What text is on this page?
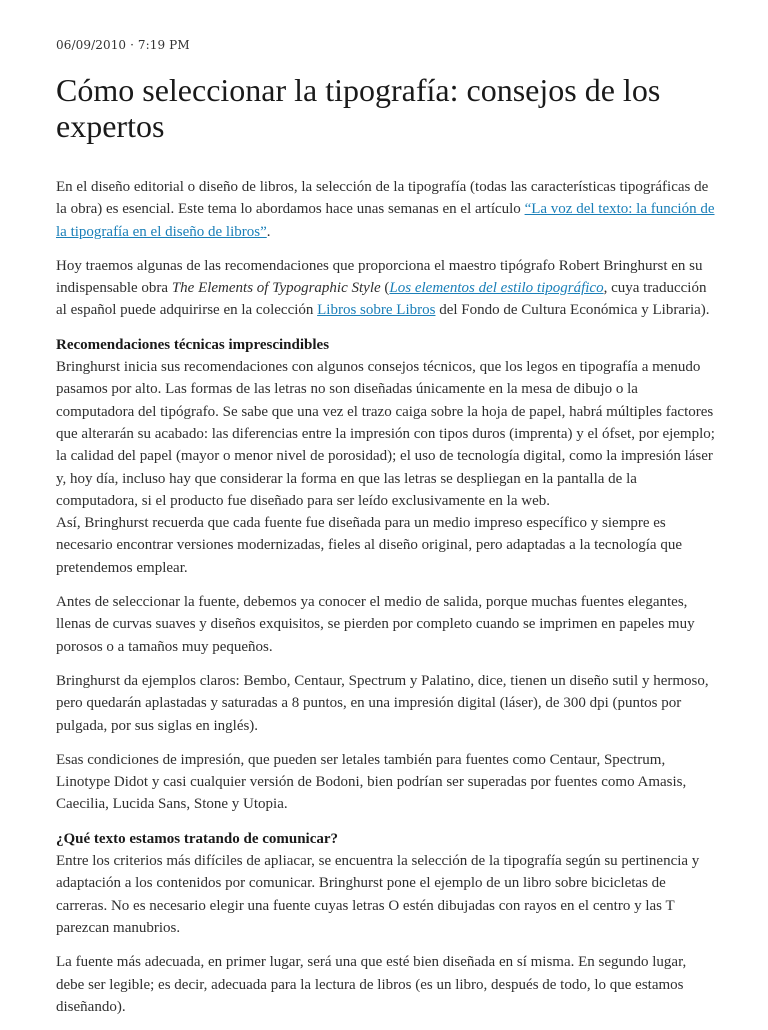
06/09/2010 · 7:19 PM
Cómo seleccionar la tipografía: consejos de los expertos

En el diseño editorial o diseño de libros, la selección de la tipografía (todas las características tipográficas de la obra) es esencial. Este tema lo abordamos hace unas semanas en el artículo “La voz del texto: la función de la tipografía en el diseño de libros”.

Hoy traemos algunas de las recomendaciones que proporciona el maestro tipógrafo Robert Bringhurst en su indispensable obra The Elements of Typographic Style (Los elementos del estilo tipográfico, cuya traducción al español puede adquirirse en la colección Libros sobre Libros del Fondo de Cultura Económica y Libraria).

Recomendaciones técnicas imprescindibles

Bringhurst inicia sus recomendaciones con algunos consejos técnicos, que los legos en tipografía a menudo pasamos por alto. Las formas de las letras no son diseñadas únicamente en la mesa de dibujo o la computadora del tipógrafo. Se sabe que una vez el trazo caiga sobre la hoja de papel, habrá múltiples factores que alterarán su acabado: las diferencias entre la impresión con tipos duros (imprenta) y el ófset, por ejemplo; la calidad del papel (mayor o menor nivel de porosidad); el uso de tecnología digital, como la impresión láser y, hoy día, incluso hay que considerar la forma en que las letras se despliegan en la pantalla de la computadora, si el producto fue diseñado para ser leído exclusivamente en la web.

Así, Bringhurst recuerda que cada fuente fue diseñada para un medio impreso específico y siempre es necesario encontrar versiones modernizadas, fieles al diseño original, pero adaptadas a la tecnología que pretendemos emplear.

Antes de seleccionar la fuente, debemos ya conocer el medio de salida, porque muchas fuentes elegantes, llenas de curvas suaves y diseños exquisitos, se pierden por completo cuando se imprimen en papeles muy porosos o a tamaños muy pequeños.

Bringhurst da ejemplos claros: Bembo, Centaur, Spectrum y Palatino, dice, tienen un diseño sutil y hermoso, pero quedarán aplastadas y saturadas a 8 puntos, en una impresión digital (láser), de 300 dpi (puntos por pulgada, por sus siglas en inglés).

Esas condiciones de impresión, que pueden ser letales también para fuentes como Centaur, Spectrum, Linotype Didot y casi cualquier versión de Bodoni, bien podrían ser superadas por fuentes como Amasis, Caecilia, Lucida Sans, Stone y Utopia.

¿Qué texto estamos tratando de comunicar?

Entre los criterios más difíciles de apliacar, se encuentra la selección de la tipografía según su pertinencia y adaptación a los contenidos por comunicar. Bringhurst pone el ejemplo de un libro sobre bicicletas de carreras. No es necesario elegir una fuente cuyas letras O estén dibujadas con rayos en el centro y las T parezcan manubrios.

La fuente más adecuada, en primer lugar, será una que esté bien diseñada en sí misma. En segundo lugar, debe ser legible; es decir, adecuada para la lectura de libros (es un libro, después de todo, lo que estamos diseñando).
